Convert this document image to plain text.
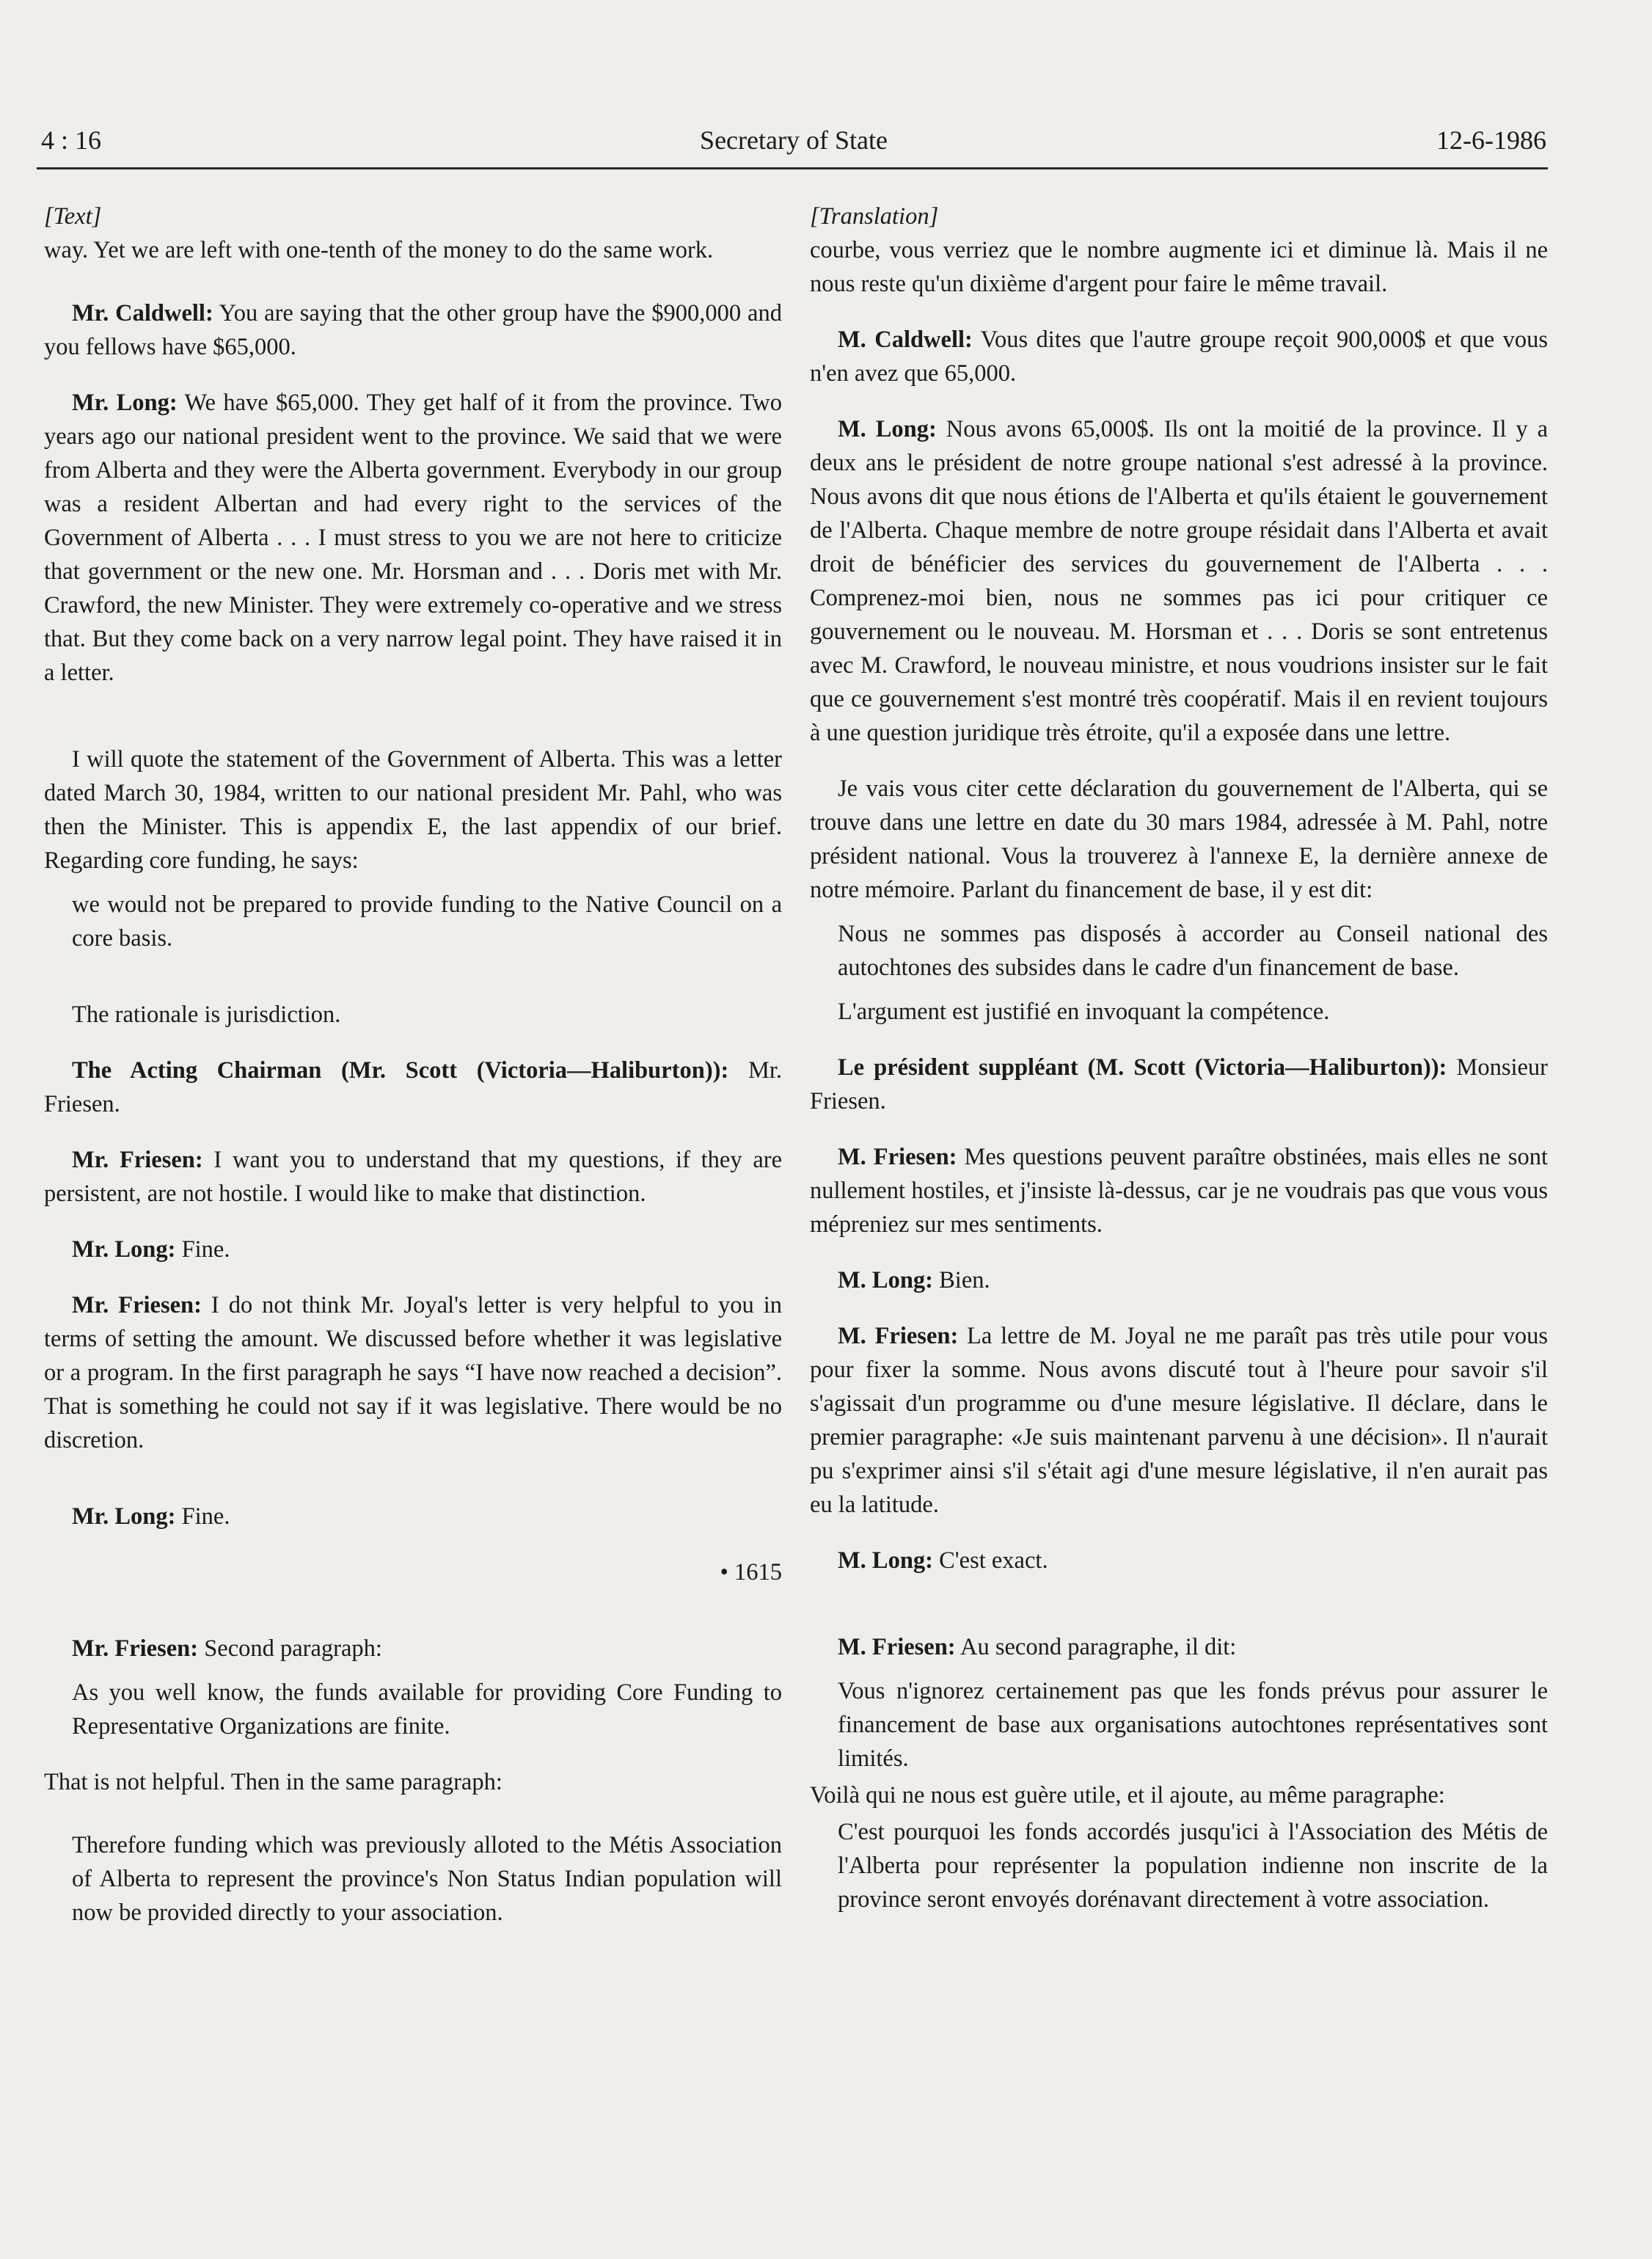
4 : 16	Secretary of State	12-6-1986

[Text]

way. Yet we are left with one-tenth of the money to do the same work.

Mr. Caldwell: You are saying that the other group have the $900,000 and you fellows have $65,000.

Mr. Long: We have $65,000. They get half of it from the province. Two years ago our national president went to the province. We said that we were from Alberta and they were the Alberta government. Everybody in our group was a resident Albertan and had every right to the services of the Government of Alberta . . . I must stress to you we are not here to criticize that government or the new one. Mr. Horsman and . . . Doris met with Mr. Crawford, the new Minister. They were extremely co-operative and we stress that. But they come back on a very narrow legal point. They have raised it in a letter.

I will quote the statement of the Government of Alberta. This was a letter dated March 30, 1984, written to our national president Mr. Pahl, who was then the Minister. This is appendix E, the last appendix of our brief. Regarding core funding, he says:

we would not be prepared to provide funding to the Native Council on a core basis.

The rationale is jurisdiction.

The Acting Chairman (Mr. Scott (Victoria—Haliburton)): Mr. Friesen.

Mr. Friesen: I want you to understand that my questions, if they are persistent, are not hostile. I would like to make that distinction.

Mr. Long: Fine.

Mr. Friesen: I do not think Mr. Joyal's letter is very helpful to you in terms of setting the amount. We discussed before whether it was legislative or a program. In the first paragraph he says “I have now reached a decision”. That is something he could not say if it was legislative. There would be no discretion.

Mr. Long: Fine.

• 1615

Mr. Friesen: Second paragraph:

As you well know, the funds available for providing Core Funding to Representative Organizations are finite.

That is not helpful. Then in the same paragraph:

Therefore funding which was previously alloted to the Métis Association of Alberta to represent the province's Non Status Indian population will now be provided directly to your association.

[Translation]

courbe, vous verriez que le nombre augmente ici et diminue là. Mais il ne nous reste qu'un dixième d'argent pour faire le même travail.

M. Caldwell: Vous dites que l'autre groupe reçoit 900,000$ et que vous n'en avez que 65,000.

M. Long: Nous avons 65,000$. Ils ont la moitié de la province. Il y a deux ans le président de notre groupe national s'est adressé à la province. Nous avons dit que nous étions de l'Alberta et qu'ils étaient le gouvernement de l'Alberta. Chaque membre de notre groupe résidait dans l'Alberta et avait droit de bénéficier des services du gouvernement de l'Alberta . . . Comprenez-moi bien, nous ne sommes pas ici pour critiquer ce gouvernement ou le nouveau. M. Horsman et . . . Doris se sont entretenus avec M. Crawford, le nouveau ministre, et nous voudrions insister sur le fait que ce gouvernement s'est montré très coopératif. Mais il en revient toujours à une question juridique très étroite, qu'il a exposée dans une lettre.

Je vais vous citer cette déclaration du gouvernement de l'Alberta, qui se trouve dans une lettre en date du 30 mars 1984, adressée à M. Pahl, notre président national. Vous la trouverez à l'annexe E, la dernière annexe de notre mémoire. Parlant du financement de base, il y est dit:

Nous ne sommes pas disposés à accorder au Conseil national des autochtones des subsides dans le cadre d'un financement de base.

L'argument est justifié en invoquant la compétence.

Le président suppléant (M. Scott (Victoria—Haliburton)): Monsieur Friesen.

M. Friesen: Mes questions peuvent paraître obstinées, mais elles ne sont nullement hostiles, et j'insiste là-dessus, car je ne voudrais pas que vous vous mépreniez sur mes sentiments.

M. Long: Bien.

M. Friesen: La lettre de M. Joyal ne me paraît pas très utile pour vous pour fixer la somme. Nous avons discuté tout à l'heure pour savoir s'il s'agissait d'un programme ou d'une mesure législative. Il déclare, dans le premier paragraphe: «Je suis maintenant parvenu à une décision». Il n'aurait pu s'exprimer ainsi s'il s'était agi d'une mesure législative, il n'en aurait pas eu la latitude.

M. Long: C'est exact.

M. Friesen: Au second paragraphe, il dit:

Vous n'ignorez certainement pas que les fonds prévus pour assurer le financement de base aux organisations autochtones représentatives sont limités.

Voilà qui ne nous est guère utile, et il ajoute, au même paragraphe:

C'est pourquoi les fonds accordés jusqu'ici à l'Association des Métis de l'Alberta pour représenter la population indienne non inscrite de la province seront envoyés dorénavant directement à votre association.
